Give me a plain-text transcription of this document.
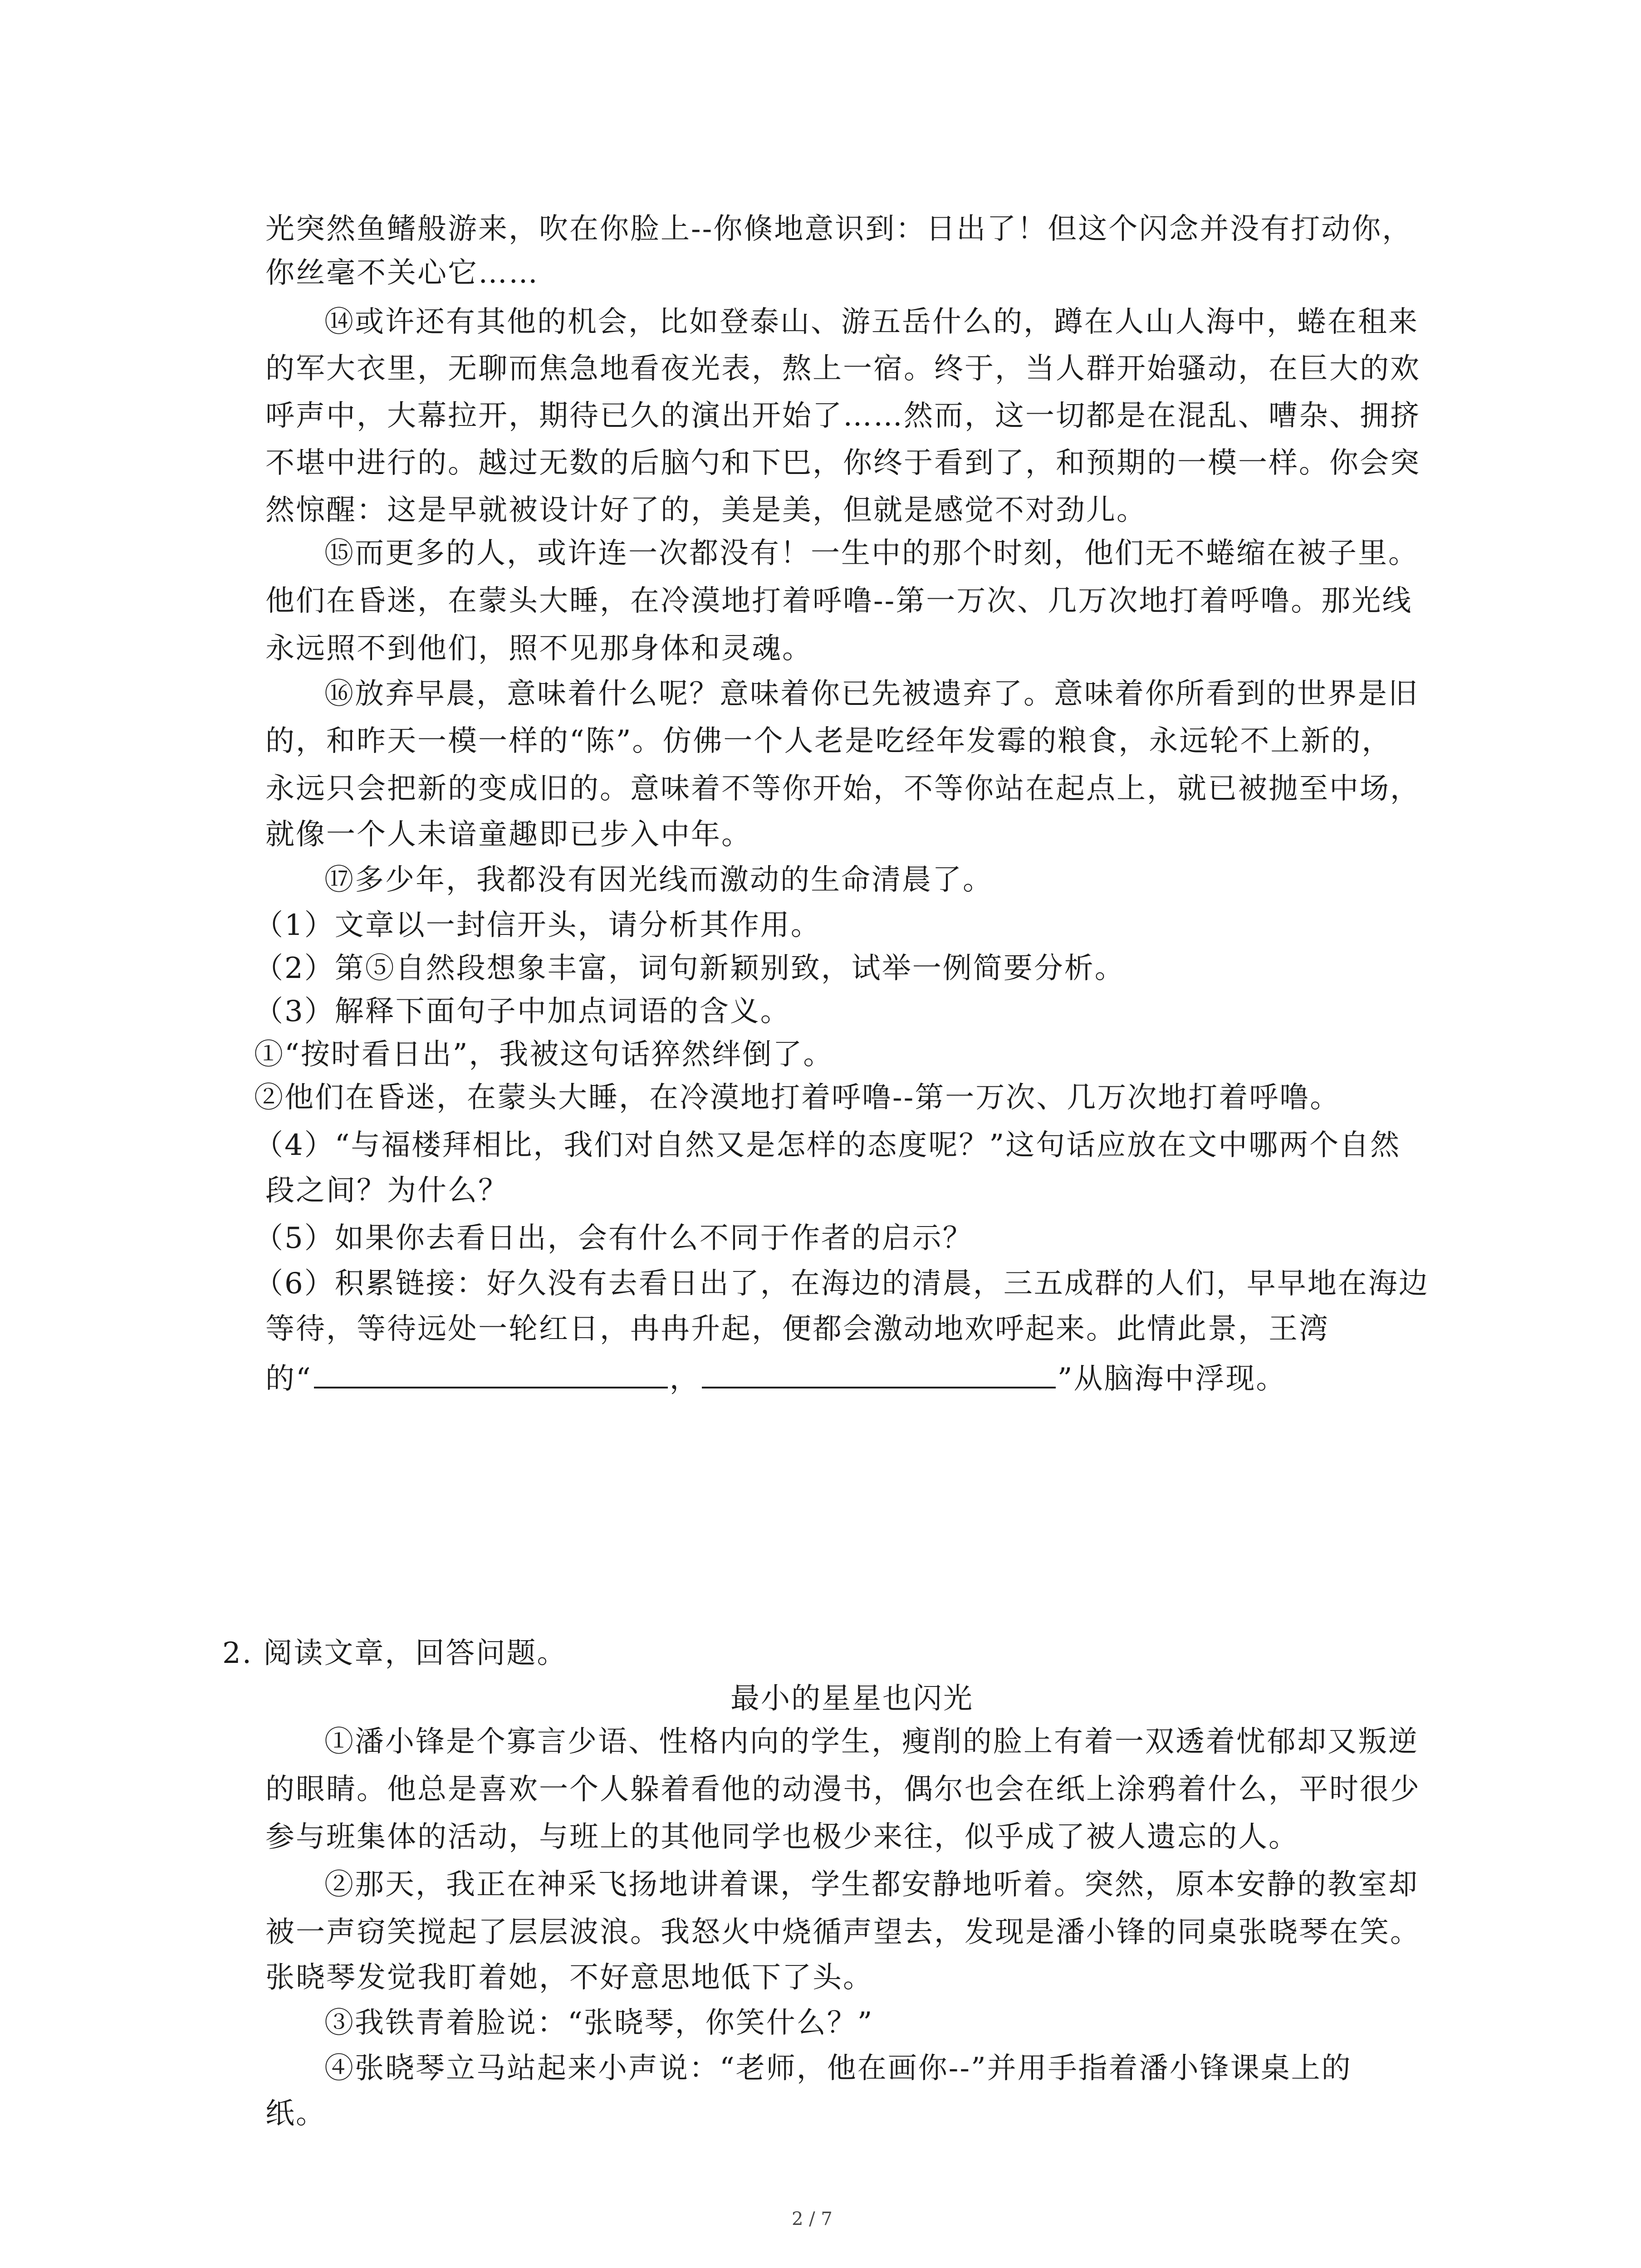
光突然鱼鳍般游来，吹在你脸上--你倏地意识到：日出了！但这个闪念并没有打动你，
你丝毫不关心它……
⑭或许还有其他的机会，比如登泰山、游五岳什么的，蹲在人山人海中，蜷在租来
的军大衣里，无聊而焦急地看夜光表，熬上一宿。终于，当人群开始骚动，在巨大的欢
呼声中，大幕拉开，期待已久的演出开始了……然而，这一切都是在混乱、嘈杂、拥挤
不堪中进行的。越过无数的后脑勺和下巴，你终于看到了，和预期的一模一样。你会突
然惊醒：这是早就被设计好了的，美是美，但就是感觉不对劲儿。
⑮而更多的人，或许连一次都没有！一生中的那个时刻，他们无不蜷缩在被子里。
他们在昏迷，在蒙头大睡，在冷漠地打着呼噜--第一万次、几万次地打着呼噜。那光线
永远照不到他们，照不见那身体和灵魂。
⑯放弃早晨，意味着什么呢？意味着你已先被遗弃了。意味着你所看到的世界是旧
的，和昨天一模一样的“陈”。仿佛一个人老是吃经年发霉的粮食，永远轮不上新的，
永远只会把新的变成旧的。意味着不等你开始，不等你站在起点上，就已被抛至中场，
就像一个人未谙童趣即已步入中年。
⑰多少年，我都没有因光线而激动的生命清晨了。
（1）文章以一封信开头，请分析其作用。
（2）第⑤自然段想象丰富，词句新颖别致，试举一例简要分析。
（3）解释下面句子中加点词语的含义。
①“按时看日出”，我被这句话猝然绊倒了。
②他们在昏迷，在蒙头大睡，在冷漠地打着呼噜--第一万次、几万次地打着呼噜。
（4）“与福楼拜相比，我们对自然又是怎样的态度呢？”这句话应放在文中哪两个自然
段之间？为什么？
（5）如果你去看日出，会有什么不同于作者的启示？
（6）积累链接：好久没有去看日出了，在海边的清晨，三五成群的人们，早早地在海边
等待，等待远处一轮红日，冉冉升起，便都会激动地欢呼起来。此情此景，王湾
的“	，	”从脑海中浮现。
2. 阅读文章，回答问题。
最小的星星也闪光
①潘小锋是个寡言少语、性格内向的学生，瘦削的脸上有着一双透着忧郁却又叛逆
的眼睛。他总是喜欢一个人躲着看他的动漫书，偶尔也会在纸上涂鸦着什么，平时很少
参与班集体的活动，与班上的其他同学也极少来往，似乎成了被人遗忘的人。
②那天，我正在神采飞扬地讲着课，学生都安静地听着。突然，原本安静的教室却
被一声窃笑搅起了层层波浪。我怒火中烧循声望去，发现是潘小锋的同桌张晓琴在笑。
张晓琴发觉我盯着她，不好意思地低下了头。
③我铁青着脸说：“张晓琴，你笑什么？”
④张晓琴立马站起来小声说：“老师，他在画你--”并用手指着潘小锋课桌上的
纸。
2 / 7
